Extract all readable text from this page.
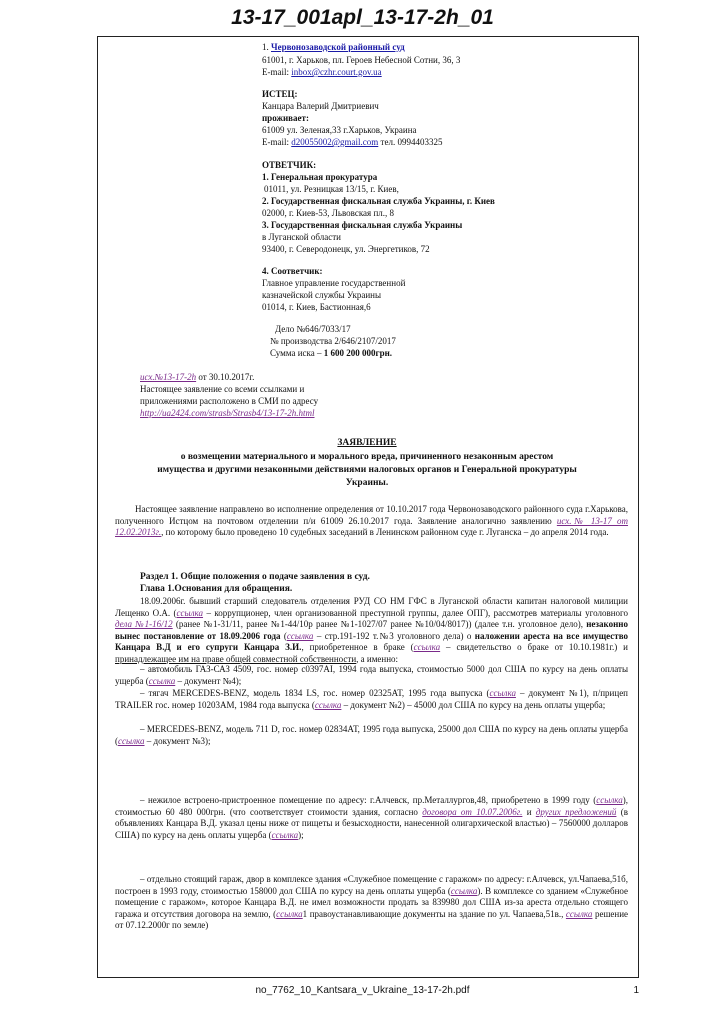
13-17_001apl_13-17-2h_01
1. Червонозаводской районный суд
61001, г. Харьков, пл. Героев Небесной Сотни, 36, 3
E-mail: inbox@czhr.court.gov.ua
ИСТЕЦ:
Канцара Валерий Дмитриевич
проживает:
61009 ул. Зеленая,33 г.Харьков, Украина
E-mail: d20055002@gmail.com тел. 0994403325
ОТВЕТЧИК:
1. Генеральная прокуратура
01011, ул. Резницкая 13/15, г. Киев,
2. Государственная фискальная служба Украины, г. Киев
02000, г. Киев-53, Львовская пл., 8
3. Государственная фискальная служба Украины
в Луганской области
93400, г. Северодонецк, ул. Энергетиков, 72
4. Соответчик:
Главное управление государственной
казначейской службы Украины
01014, г. Киев, Бастионная,6
Дело №646/7033/17
№ производства 2/646/2107/2017
Сумма иска – 1 600 200 000грн.
исх.№13-17-2h от 30.10.2017г.
Настоящее заявление со всеми ссылками и
приложениями расположено в СМИ по адресу
http://ua2424.com/strasb/Strasb4/13-17-2h.html
ЗАЯВЛЕНИЕ
о возмещении материального и морального вреда, причиненного незаконным арестом
имущества и другими незаконными действиями налоговых органов и Генеральной прокуратуры
Украины.
Настоящее заявление направлено во исполнение определения от 10.10.2017 года Червонозаводского районного суда г.Харькова, полученного Истцом на почтовом отделении п/и 61009 26.10.2017 года. Заявление аналогично заявлению исх.№ 13-17 от 12.02.2013г., по которому было проведено 10 судебных заседаний в Ленинском районном суде г. Луганска – до апреля 2014 года.
Раздел 1. Общие положения о подаче заявления в суд.
Глава 1.Основания для обращения.
18.09.2006г. бывший старший следователь отделения РУД СО НМ ГФС в Луганской области капитан налоговой милиции Лещенко О.А. (ссылка – коррупционер, член организованной преступной группы, далее ОПГ), рассмотрев материалы уголовного дела №1-16/12 (ранее №1-31/11, ранее №1-44/10р ранее №1-1027/07 ранее №10/04/8017)) (далее т.н. уголовное дело), незаконно вынес постановление от 18.09.2006 года (ссылка – стр.191-192 т.№3 уголовного дела) о наложении ареста на все имущество Канцара В.Д и его супруги Канцара З.И., приобретенное в браке (ссылка – свидетельство о браке от 10.10.1981г.) и принадлежащее им на праве общей совместной собственности, а именно:
– автомобиль ГАЗ-САЗ 4509, гос. номер с0397АІ, 1994 года выпуска, стоимостью 5000 дол США по курсу на день оплаты ущерба (ссылка – документ №4);
– тягач MERCEDES-BENZ, модель 1834 LS, гос. номер 02325АТ, 1995 года выпуска (ссылка – документ №1), п/прицеп TRAILER гос. номер 10203АМ, 1984 года выпуска (ссылка – документ №2) – 45000 дол США по курсу на день оплаты ущерба;
– MERCEDES-BENZ, модель 711 D, гос. номер 02834АТ, 1995 года выпуска, 25000 дол США по курсу на день оплаты ущерба (ссылка – документ №3);
– нежилое встроено-пристроенное помещение по адресу: г.Алчевск, пр.Металлургов,48, приобретено в 1999 году (ссылка), стоимостью 60 480 000грн. (что соответствует стоимости здания, согласно договора от 10.07.2006г. и других предложений (в объявлениях Канцара В.Д. указал цены ниже от пищеты и безысходности, нанесенной олигархической властью) – 7560000 долларов США) по курсу на день оплаты ущерба (ссылка);
– отдельно стоящий гараж, двор в комплексе здания «Служебное помещение с гаражом» по адресу: г.Алчевск, ул.Чапаева,51б, построен в 1993 году, стоимостью 158000 дол США по курсу на день оплаты ущерба (ссылка). В комплексе со зданием «Служебное помещение с гаражом», которое Канцара В.Д. не имел возможности продать за 839980 дол США из-за ареста отдельно стоящего гаража и отсутствия договора на землю, (ссылка1 правоустанавливающие документы на здание по ул. Чапаева,51в., ссылка решение от 07.12.2000г по земле)
no_7762_10_Kantsara_v_Ukraine_13-17-2h.pdf	1
